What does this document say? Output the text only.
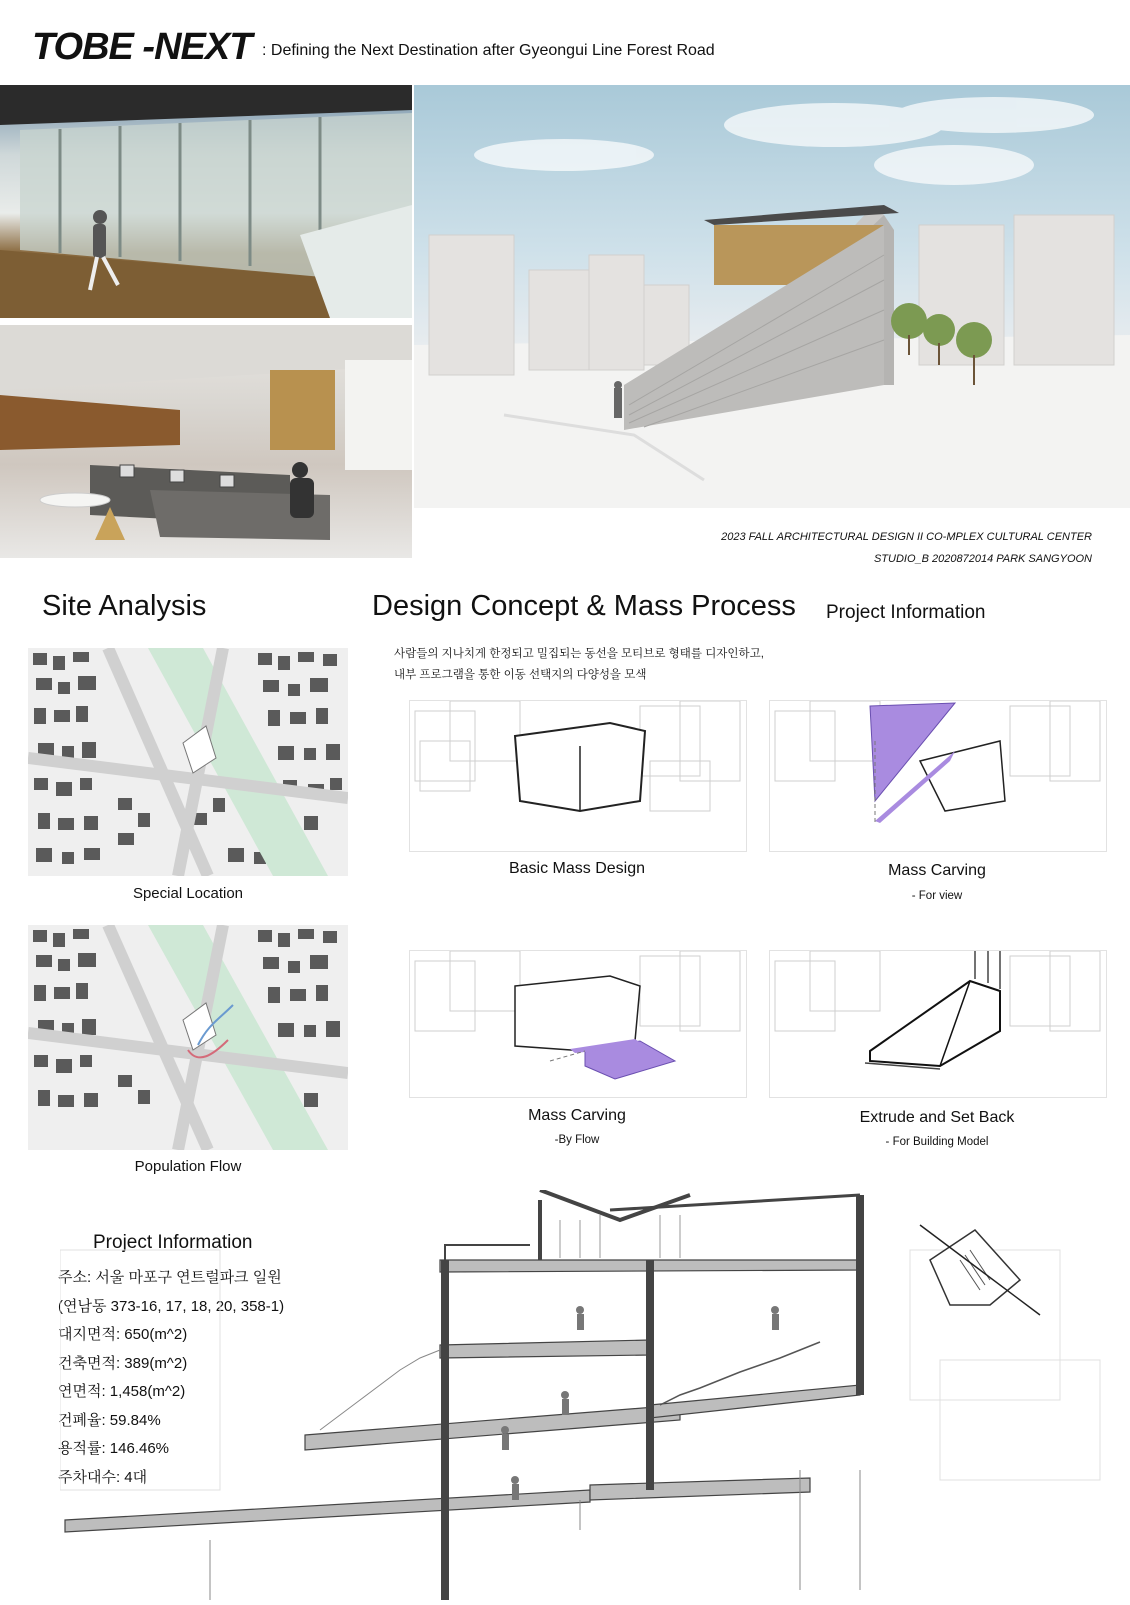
TOBE -NEXT : Defining the Next Destination after Gyeongui Line Forest Road
2023 FALL ARCHITECTURAL DESIGN II CO-MPLEX CULTURAL CENTER
STUDIO_B 2020872014 PARK SANGYOON
Site Analysis	Design Concept & Mass Process Project Information
사람들의 지나치게 한정되고 밀집되는 동선을 모티브로 형태를 디자인하고,
내부 프로그램을 통한 이동 선택지의 다양성을 모색
Special Location
Population Flow
Basic Mass Design	Mass Carving
- For view
Mass Carving
-By Flow
Extrude and Set Back
- For Building Model
Project Information
주소: 서울 마포구 연트럴파크 일원
(연남동 373-16, 17, 18, 20, 358-1)
대지면적: 650(m^2)
건축면적: 389(m^2)
연면적: 1,458(m^2)
건폐율: 59.84%
용적률: 146.46%
주차대수: 4대
